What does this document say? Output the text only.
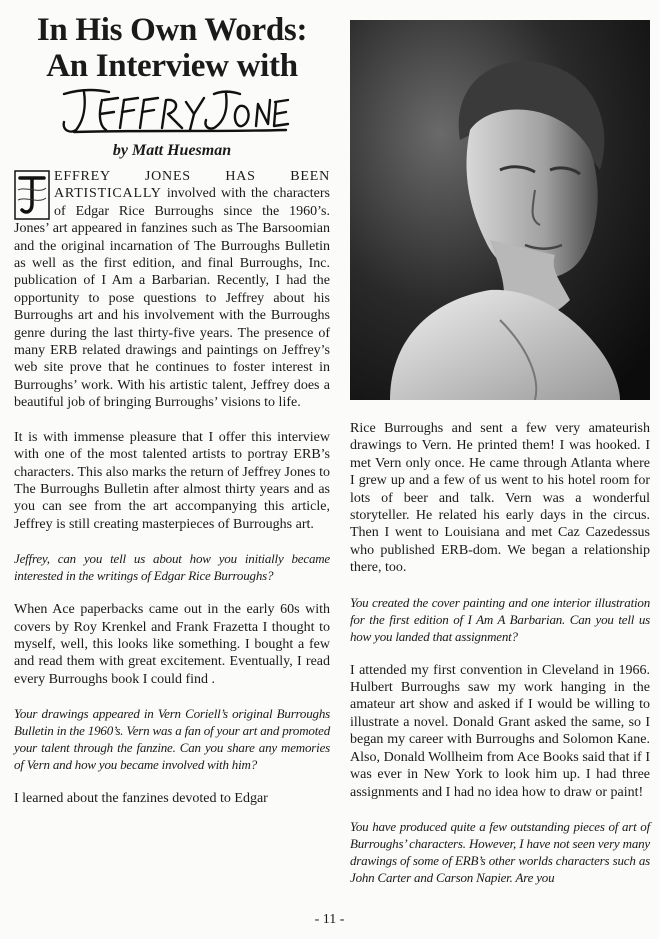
In His Own Words:
An Interview with
by Matt Huesman

EFFREY JONES HAS BEEN ARTISTICALLY involved with the characters of Edgar Rice Burroughs since the 1960’s. Jones’ art appeared in fanzines such as The Barsoomian and the original incarnation of The Burroughs Bulletin as well as the first edition, and final Burroughs, Inc. publication of I Am a Barbarian. Recently, I had the opportunity to pose questions to Jeffrey about his Burroughs art and his involvement with the Burroughs genre during the last thirty-five years. The presence of many ERB related drawings and paintings on Jeffrey’s web site prove that he continues to foster interest in Burroughs’ work. With his artistic talent, Jeffrey does a beautiful job of bringing Burroughs’ visions to life.

It is with immense pleasure that I offer this interview with one of the most talented artists to portray ERB’s characters. This also marks the return of Jeffrey Jones to The Burroughs Bulletin after almost thirty years and as you can see from the art accompanying this article, Jeffrey is still creating masterpieces of Burroughs art.

Jeffrey, can you tell us about how you initially became interested in the writings of Edgar Rice Burroughs?

When Ace paperbacks came out in the early 60s with covers by Roy Krenkel and Frank Frazetta I thought to myself, well, this looks like something. I bought a few and read them with great excitement. Eventually, I read every Burroughs book I could find .

Your drawings appeared in Vern Coriell’s original Burroughs Bulletin in the 1960’s. Vern was a fan of your art and promoted your talent through the fanzine. Can you share any memories of Vern and how you became involved with him?

I learned about the fanzines devoted to Edgar

Rice Burroughs and sent a few very amateurish drawings to Vern. He printed them! I was hooked. I met Vern only once. He came through Atlanta where I grew up and a few of us went to his hotel room for lots of beer and talk. Vern was a wonderful storyteller. He related his early days in the circus. Then I went to Louisiana and met Caz Cazedessus who published ERB-dom. We began a relationship there, too.

You created the cover painting and one interior illustration for the first edition of I Am A Barbarian. Can you tell us how you landed that assignment?

I attended my first convention in Cleveland in 1966. Hulbert Burroughs saw my work hanging in the amateur art show and asked if I would be willing to illustrate a novel. Donald Grant asked the same, so I began my career with Burroughs and Solomon Kane. Also, Donald Wollheim from Ace Books said that if I was ever in New York to look him up. I had three assignments and I had no idea how to draw or paint!

You have produced quite a few outstanding pieces of art of Burroughs’ characters. However, I have not seen very many drawings of some of ERB’s other worlds characters such as John Carter and Carson Napier. Are you

- 11 -
